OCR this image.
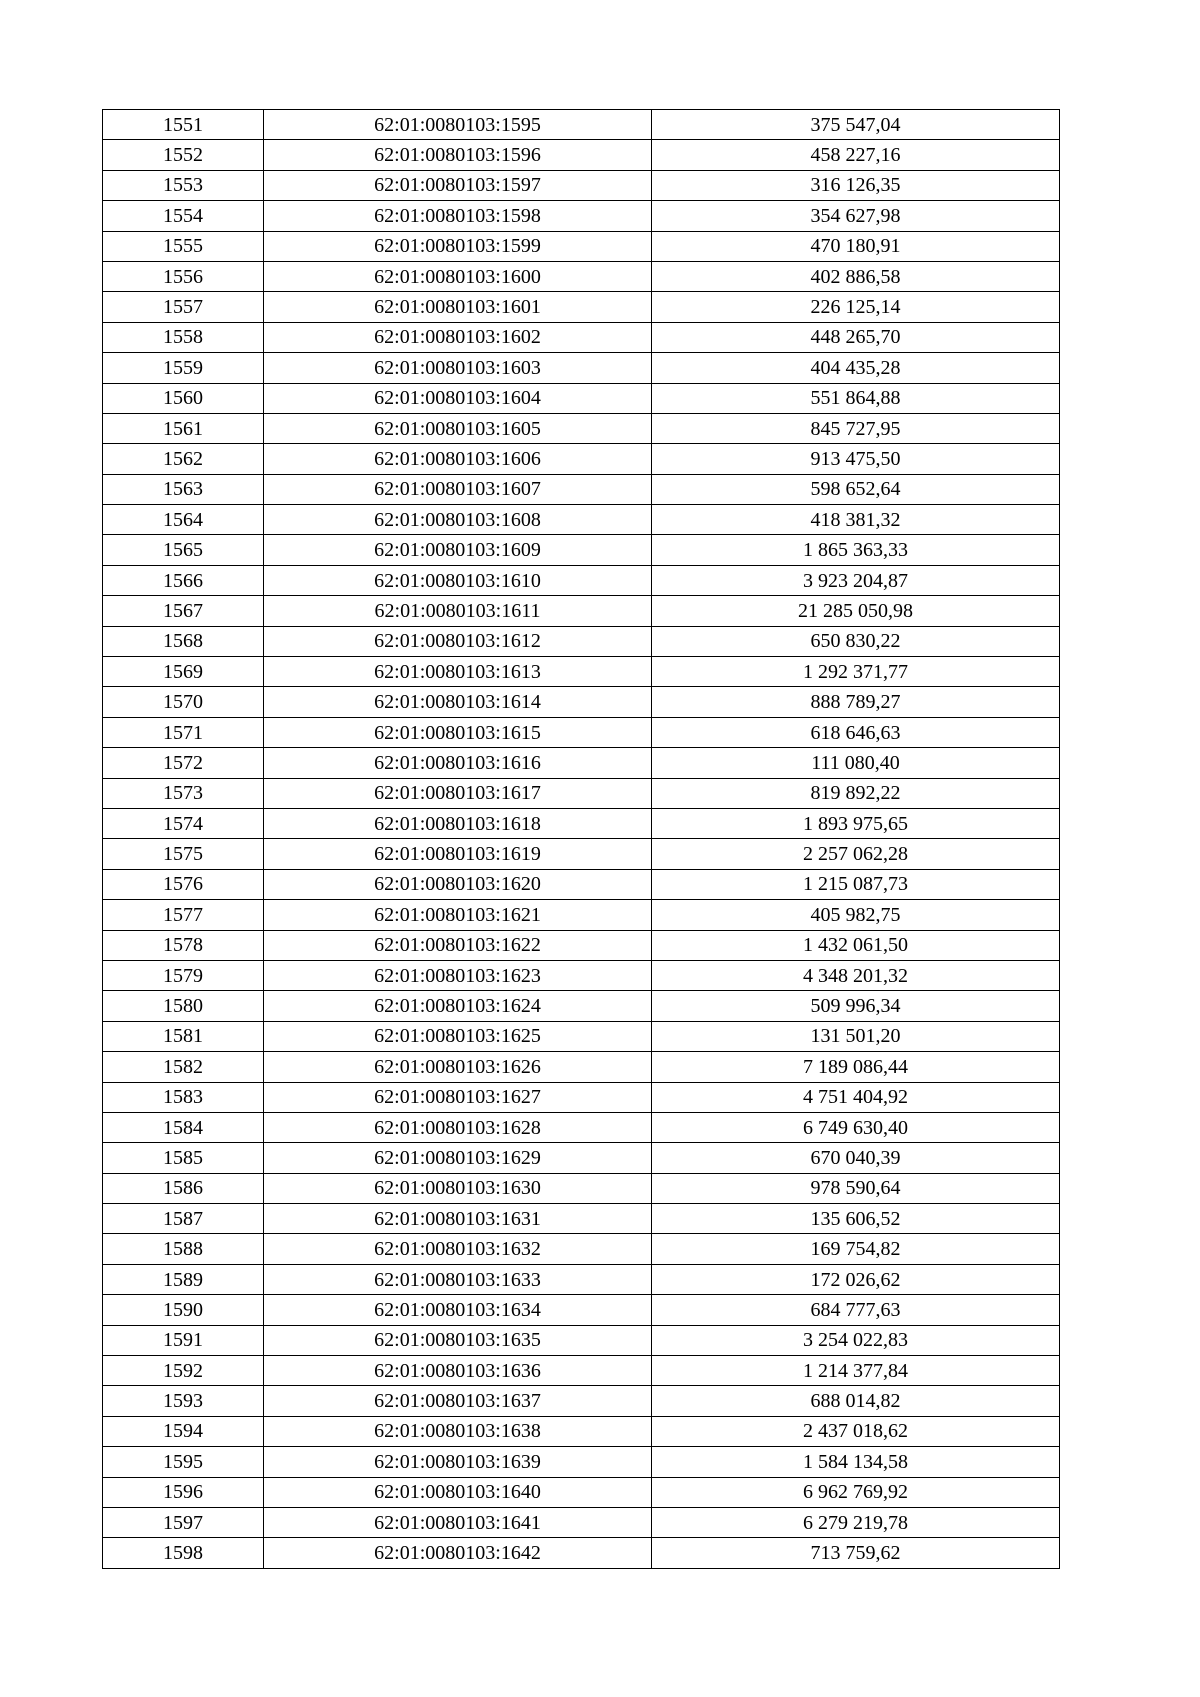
1551	62:01:0080103:1595	375 547,04
1552	62:01:0080103:1596	458 227,16
1553	62:01:0080103:1597	316 126,35
1554	62:01:0080103:1598	354 627,98
1555	62:01:0080103:1599	470 180,91
1556	62:01:0080103:1600	402 886,58
1557	62:01:0080103:1601	226 125,14
1558	62:01:0080103:1602	448 265,70
1559	62:01:0080103:1603	404 435,28
1560	62:01:0080103:1604	551 864,88
1561	62:01:0080103:1605	845 727,95
1562	62:01:0080103:1606	913 475,50
1563	62:01:0080103:1607	598 652,64
1564	62:01:0080103:1608	418 381,32
1565	62:01:0080103:1609	1 865 363,33
1566	62:01:0080103:1610	3 923 204,87
1567	62:01:0080103:1611	21 285 050,98
1568	62:01:0080103:1612	650 830,22
1569	62:01:0080103:1613	1 292 371,77
1570	62:01:0080103:1614	888 789,27
1571	62:01:0080103:1615	618 646,63
1572	62:01:0080103:1616	111 080,40
1573	62:01:0080103:1617	819 892,22
1574	62:01:0080103:1618	1 893 975,65
1575	62:01:0080103:1619	2 257 062,28
1576	62:01:0080103:1620	1 215 087,73
1577	62:01:0080103:1621	405 982,75
1578	62:01:0080103:1622	1 432 061,50
1579	62:01:0080103:1623	4 348 201,32
1580	62:01:0080103:1624	509 996,34
1581	62:01:0080103:1625	131 501,20
1582	62:01:0080103:1626	7 189 086,44
1583	62:01:0080103:1627	4 751 404,92
1584	62:01:0080103:1628	6 749 630,40
1585	62:01:0080103:1629	670 040,39
1586	62:01:0080103:1630	978 590,64
1587	62:01:0080103:1631	135 606,52
1588	62:01:0080103:1632	169 754,82
1589	62:01:0080103:1633	172 026,62
1590	62:01:0080103:1634	684 777,63
1591	62:01:0080103:1635	3 254 022,83
1592	62:01:0080103:1636	1 214 377,84
1593	62:01:0080103:1637	688 014,82
1594	62:01:0080103:1638	2 437 018,62
1595	62:01:0080103:1639	1 584 134,58
1596	62:01:0080103:1640	6 962 769,92
1597	62:01:0080103:1641	6 279 219,78
1598	62:01:0080103:1642	713 759,62
